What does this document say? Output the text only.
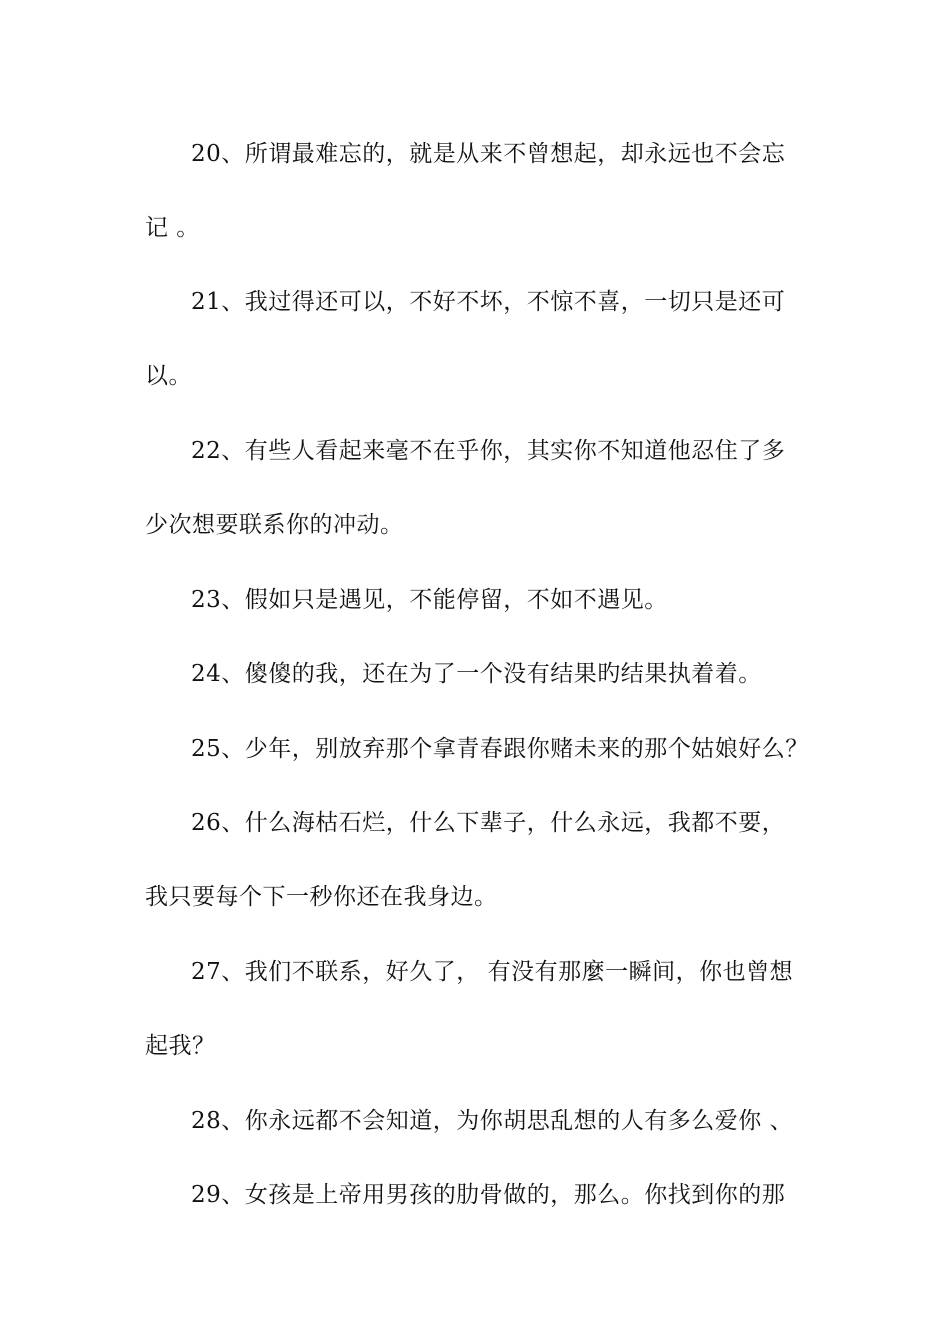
20、所谓最难忘的，就是从来不曾想起，却永远也不会忘
记 。
21、我过得还可以，不好不坏，不惊不喜，一切只是还可
以。
22、有些人看起来毫不在乎你，其实你不知道他忍住了多
少次想要联系你的冲动。
23、假如只是遇见，不能停留，不如不遇见。
24、傻傻的我，还在为了一个没有结果旳结果执着着。
25、少年，别放弃那个拿青春跟你赌未来的那个姑娘好么？
26、什么海枯石烂，什么下辈子，什么永远，我都不要，
我只要每个下一秒你还在我身边。
27、我们不联系，好久了， 有没有那麼一瞬间，你也曾想
起我？
28、你永远都不会知道，为你胡思乱想的人有多么爱你 、
29、女孩是上帝用男孩的肋骨做的，那么。你找到你的那
